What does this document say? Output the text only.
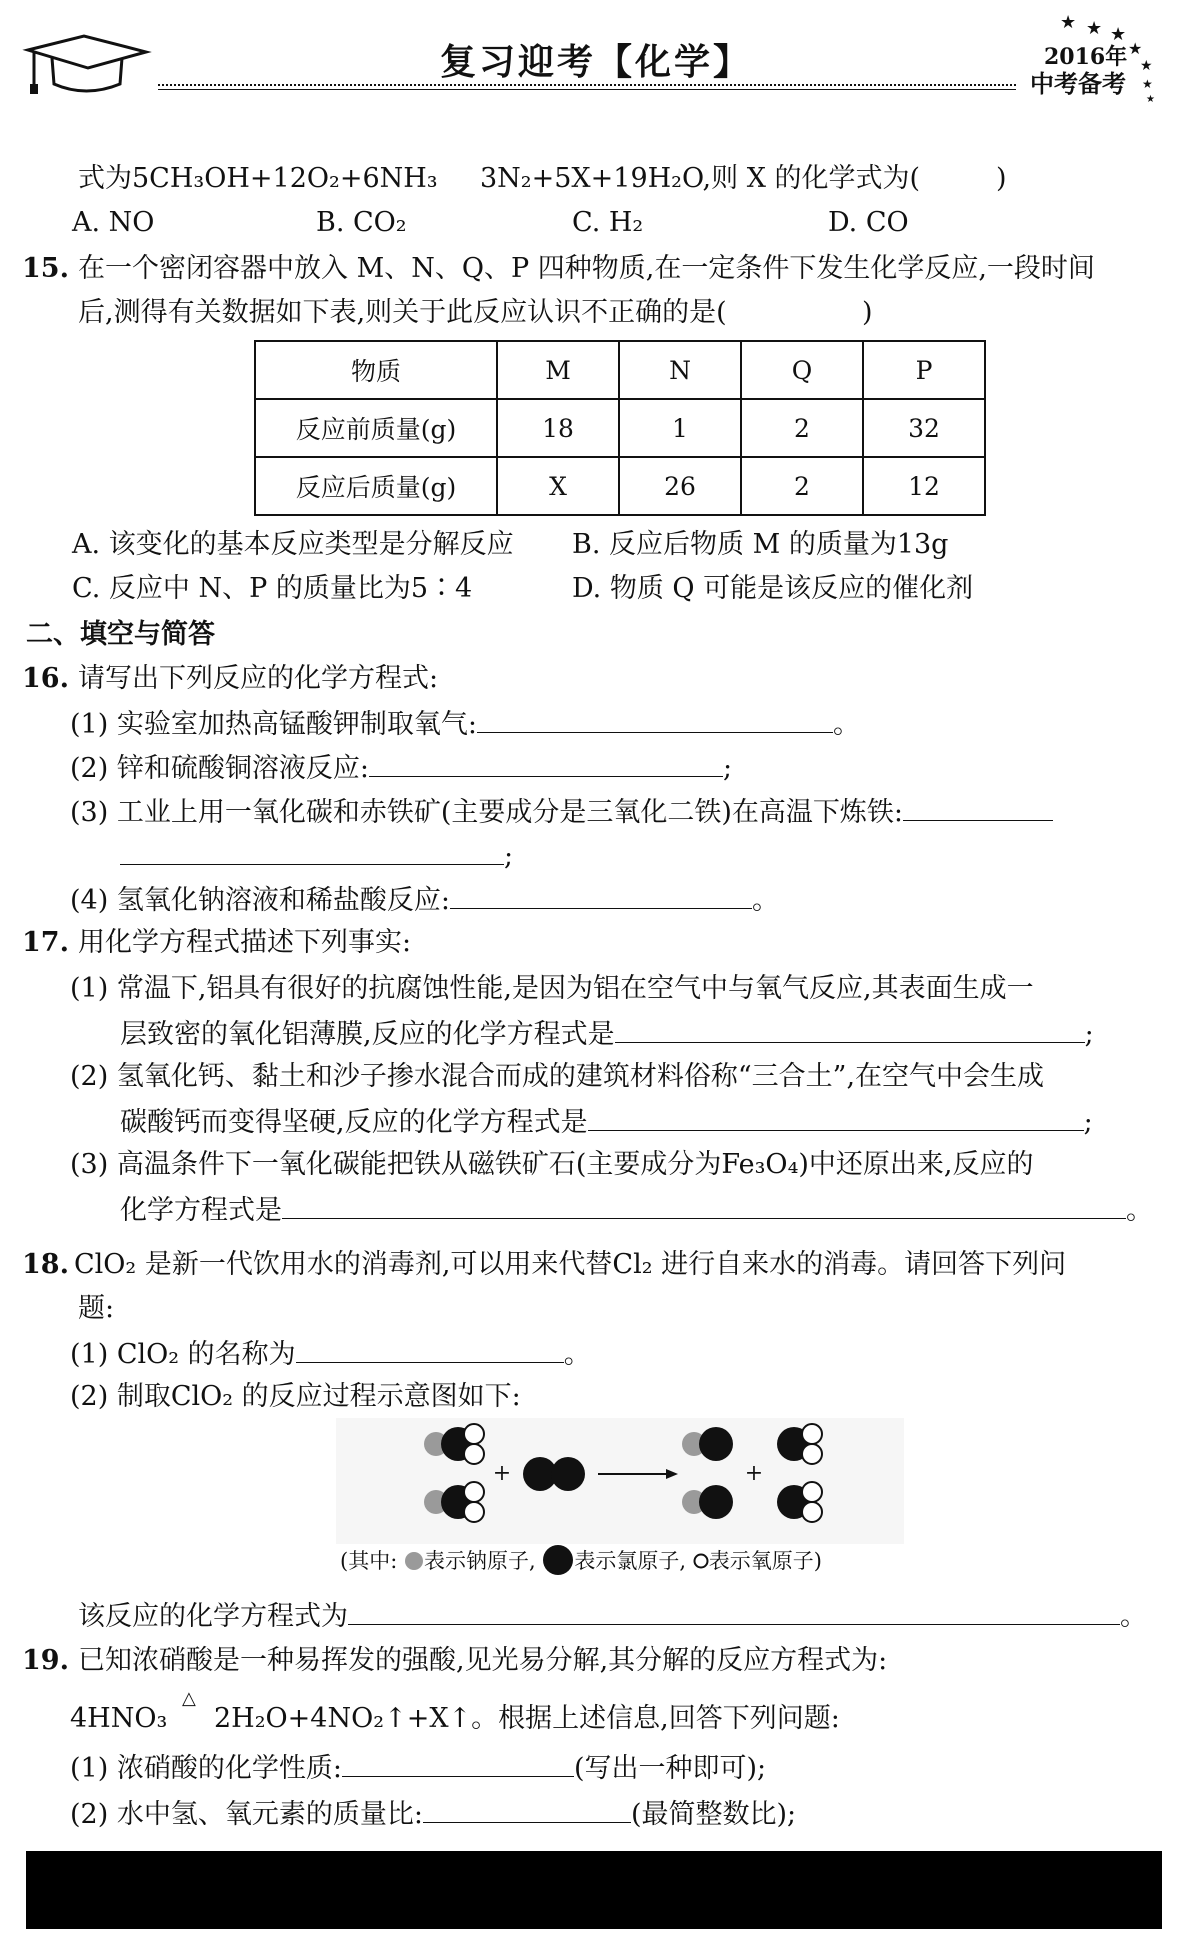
复习迎考【化学】
★ ★ ★
★
★
★
★
2016年
中考备考
式为5CH₃OH+12O₂+6NH₃ 3N₂+5X+19H₂O,则 X 的化学式为(	)
A. NO	B. CO₂	C. H₂	D. CO
15. 在一个密闭容器中放入 M、N、Q、P 四种物质,在一定条件下发生化学反应,一段时间
后,测得有关数据如下表,则关于此反应认识不正确的是(	)
物质	M	N	Q	P
反应前质量(g)	18	1	2	32
反应后质量(g)	X	26	2	12
A. 该变化的基本反应类型是分解反应 B. 反应后物质 M 的质量为13g
C. 反应中 N、P 的质量比为5∶4	D. 物质 Q 可能是该反应的催化剂
二、填空与简答
16. 请写出下列反应的化学方程式:
(1) 实验室加热高锰酸钾制取氧气:	。
(2) 锌和硫酸铜溶液反应:	;
(3) 工业上用一氧化碳和赤铁矿(主要成分是三氧化二铁)在高温下炼铁:
;
(4) 氢氧化钠溶液和稀盐酸反应:	。
17. 用化学方程式描述下列事实:
(1) 常温下,铝具有很好的抗腐蚀性能,是因为铝在空气中与氧气反应,其表面生成一
层致密的氧化铝薄膜,反应的化学方程式是	;
(2) 氢氧化钙、黏土和沙子掺水混合而成的建筑材料俗称“三合土”,在空气中会生成
碳酸钙而变得坚硬,反应的化学方程式是	;
(3) 高温条件下一氧化碳能把铁从磁铁矿石(主要成分为Fe₃O₄)中还原出来,反应的
化学方程式是	。
18. ClO₂ 是新一代饮用水的消毒剂,可以用来代替Cl₂ 进行自来水的消毒。请回答下列问
题:
(1) ClO₂ 的名称为	。
(2) 制取ClO₂ 的反应过程示意图如下:
+	+
(其中: 表示钠原子, 表示氯原子, 表示氧原子)
该反应的化学方程式为	。
19. 已知浓硝酸是一种易挥发的强酸,见光易分解,其分解的反应方程式为:
4HNO₃
△
2H₂O+4NO₂↑+X↑。根据上述信息,回答下列问题:
(1) 浓硝酸的化学性质:	(写出一种即可);
(2) 水中氢、氧元素的质量比:	(最简整数比);
